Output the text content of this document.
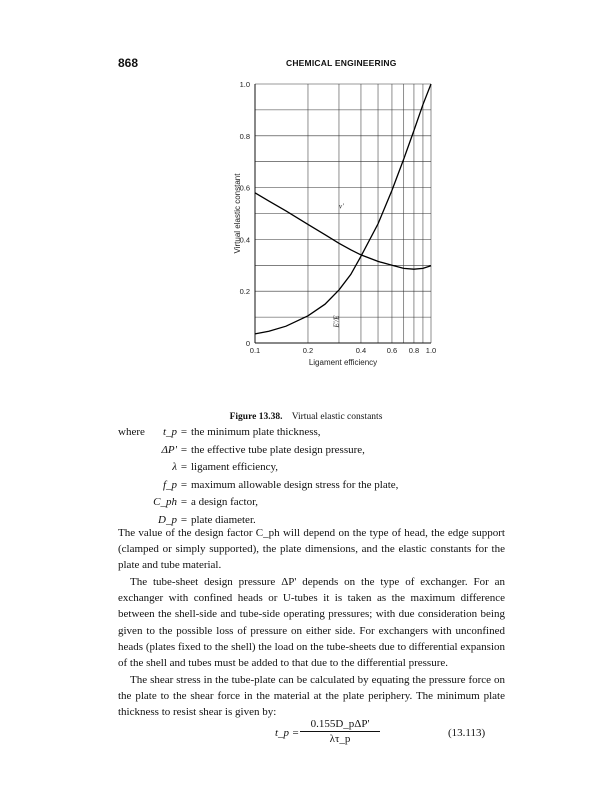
868	CHEMICAL ENGINEERING
0
0.2
0.4
0.6
0.8
1.0
0.1	0.2	0.4	0.6 0.8 1.0
Ligament efficiency
Virtual elastic constant	v'
E'/E
Figure 13.38. Virtual elastic constants
where	t_p = the minimum plate thickness,
ΔP' = the effective tube plate design pressure,
λ = ligament efficiency,
f_p = maximum allowable design stress for the plate,
C_ph = a design factor,
D_p = plate diameter.

The value of the design factor C_ph will depend on the type of head, the edge support (clamped or simply supported), the plate dimensions, and the elastic constants for the plate and tube material.

The tube-sheet design pressure ΔP' depends on the type of exchanger. For an exchanger with confined heads or U-tubes it is taken as the maximum difference between the shell-side and tube-side operating pressures; with due consideration being given to the possible loss of pressure on either side. For exchangers with unconfined heads (plates fixed to the shell) the load on the tube-sheets due to differential expansion of the shell and tubes must be added to that due to the differential pressure.

The shear stress in the tube-plate can be calculated by equating the pressure force on the plate to the shear force in the material at the plate periphery. The minimum plate thickness to resist shear is given by:

t_p =
0.155D_pΔP'
λτ_p	(13.113)
